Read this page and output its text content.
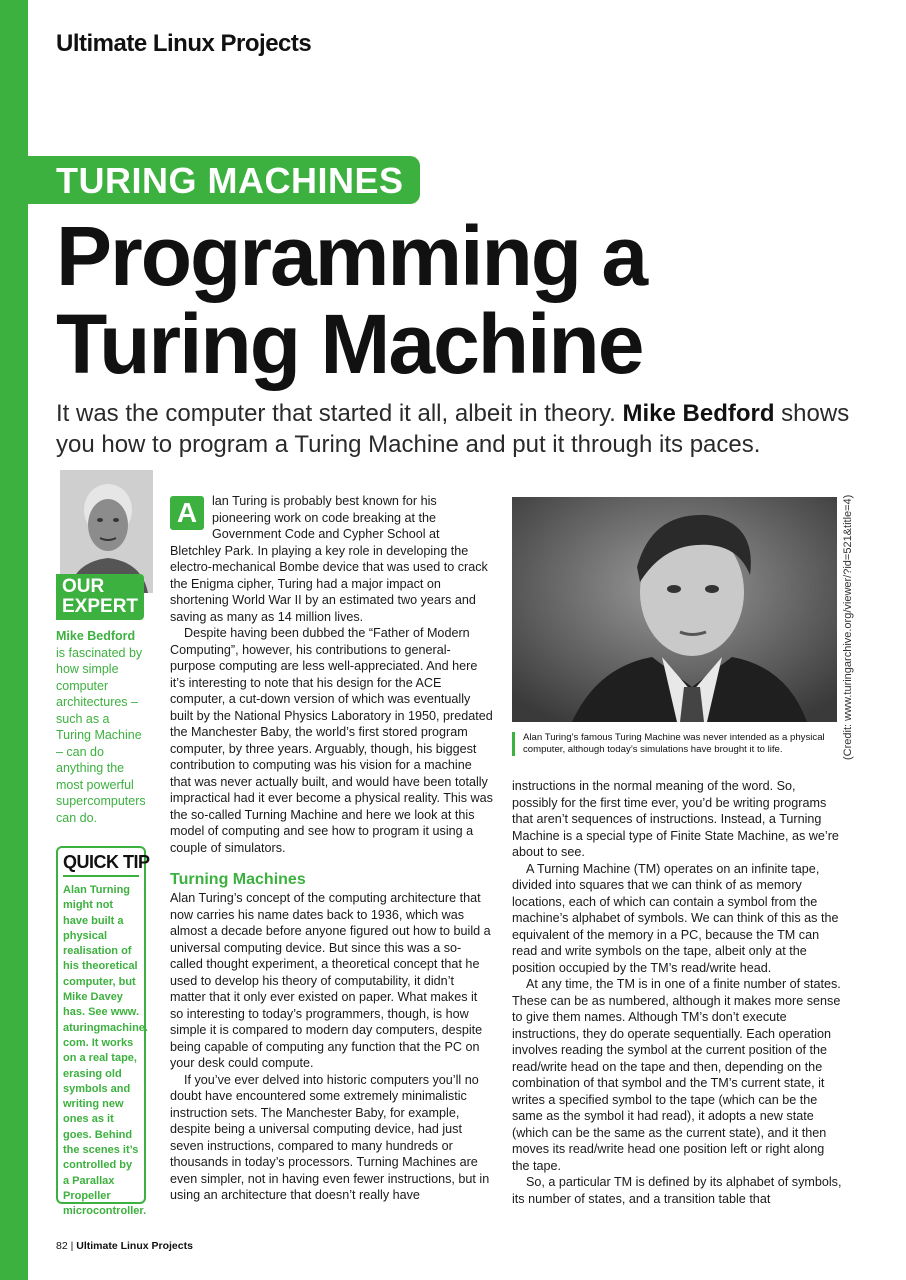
Ultimate Linux Projects
TURING MACHINES
Programming a
Turing Machine
It was the computer that started it all, albeit in theory. Mike Bedford shows you how to program a Turing Machine and put it through its paces.
OUR
EXPERT
Mike Bedford is fascinated by how simple computer architectures – such as a Turing Machine – can do anything the most powerful supercomputers can do.
QUICK TIP
Alan Turning might not have built a physical realisation of his theoretical computer, but Mike Davey has. See www. aturingmachine. com. It works on a real tape, erasing old symbols and writing new ones as it goes. Behind the scenes it’s controlled by a Parallax Propeller microcontroller.

A	lan Turing is probably best known for his pioneering work on code breaking at the Government Code and Cypher School at Bletchley Park. In playing a key role in developing the electro-mechanical Bombe device that was used to crack the Enigma cipher, Turing had a major impact on shortening World War II by an estimated two years and saving as many as 14 million lives.

Despite having been dubbed the “Father of Modern Computing”, however, his contributions to general-purpose computing are less well-appreciated. And here it’s interesting to note that his design for the ACE computer, a cut-down version of which was eventually built by the National Physics Laboratory in 1950, predated the Manchester Baby, the world’s first stored program computer, by three years. Arguably, though, his biggest contribution to computing was his vision for a machine that was never actually built, and would have been totally impractical had it ever become a physical reality. This was the so-called Turning Machine and here we look at this model of computing and see how to program it using a couple of simulators.

Turning Machines

Alan Turing’s concept of the computing architecture that now carries his name dates back to 1936, which was almost a decade before anyone figured out how to build a universal computing device. But since this was a so-called thought experiment, a theoretical concept that he used to develop his theory of computability, it didn’t matter that it only ever existed on paper. What makes it so interesting to today’s programmers, though, is how simple it is compared to modern day computers, despite being capable of computing any function that the PC on your desk could compute.

If you’ve ever delved into historic computers you’ll no doubt have encountered some extremely minimalistic instruction sets. The Manchester Baby, for example, despite being a universal computing device, had just seven instructions, compared to many hundreds or thousands in today’s processors. Turning Machines are even simpler, not in having even fewer instructions, but in using an architecture that doesn’t really have

Alan Turing’s famous Turing Machine was never intended as a physical computer, although today’s simulations have brought it to life.	(Credit: www.turingarchive.org/viewer/?id=521&title=4)

instructions in the normal meaning of the word. So, possibly for the first time ever, you’d be writing programs that aren’t sequences of instructions. Instead, a Turning Machine is a special type of Finite State Machine, as we’re about to see.

A Turning Machine (TM) operates on an infinite tape, divided into squares that we can think of as memory locations, each of which can contain a symbol from the machine’s alphabet of symbols. We can think of this as the equivalent of the memory in a PC, because the TM can read and write symbols on the tape, albeit only at the position occupied by the TM’s read/write head.

At any time, the TM is in one of a finite number of states. These can be as numbered, although it makes more sense to give them names. Although TM’s don’t execute instructions, they do operate sequentially. Each operation involves reading the symbol at the current position of the read/write head on the tape and then, depending on the combination of that symbol and the TM’s current state, it writes a specified symbol to the tape (which can be the same as the symbol it had read), it adopts a new state (which can be the same as the current state), and it then moves its read/write head one position left or right along the tape.

So, a particular TM is defined by its alphabet of symbols, its number of states, and a transition table that

82 | Ultimate Linux Projects
